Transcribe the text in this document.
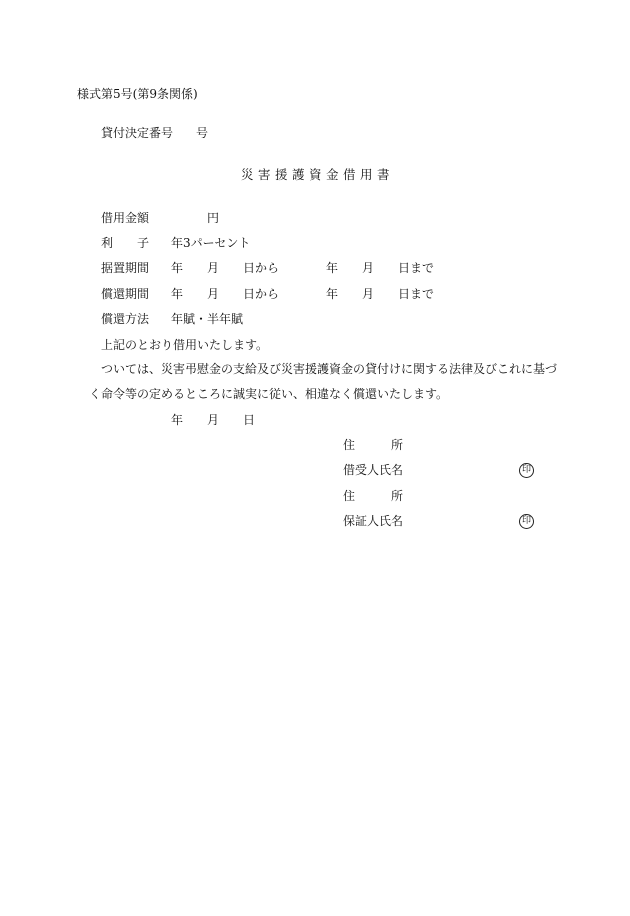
様式第5号(第9条関係)
貸付決定番号 号
災害援護資金借用書
借用金額	円
利 子 年3パーセント
据置期間 年 月 日から	年 月 日まで
償還期間 年 月 日から	年 月 日まで
償還方法 年賦・半年賦
上記のとおり借用いたします。
ついては、災害弔慰金の支給及び災害援護資金の貸付けに関する法律及びこれに基づ
く命令等の定めるところに誠実に従い、相違なく償還いたします。
年 月 日
住	所
借受人氏名	印
住	所
保証人氏名	印
